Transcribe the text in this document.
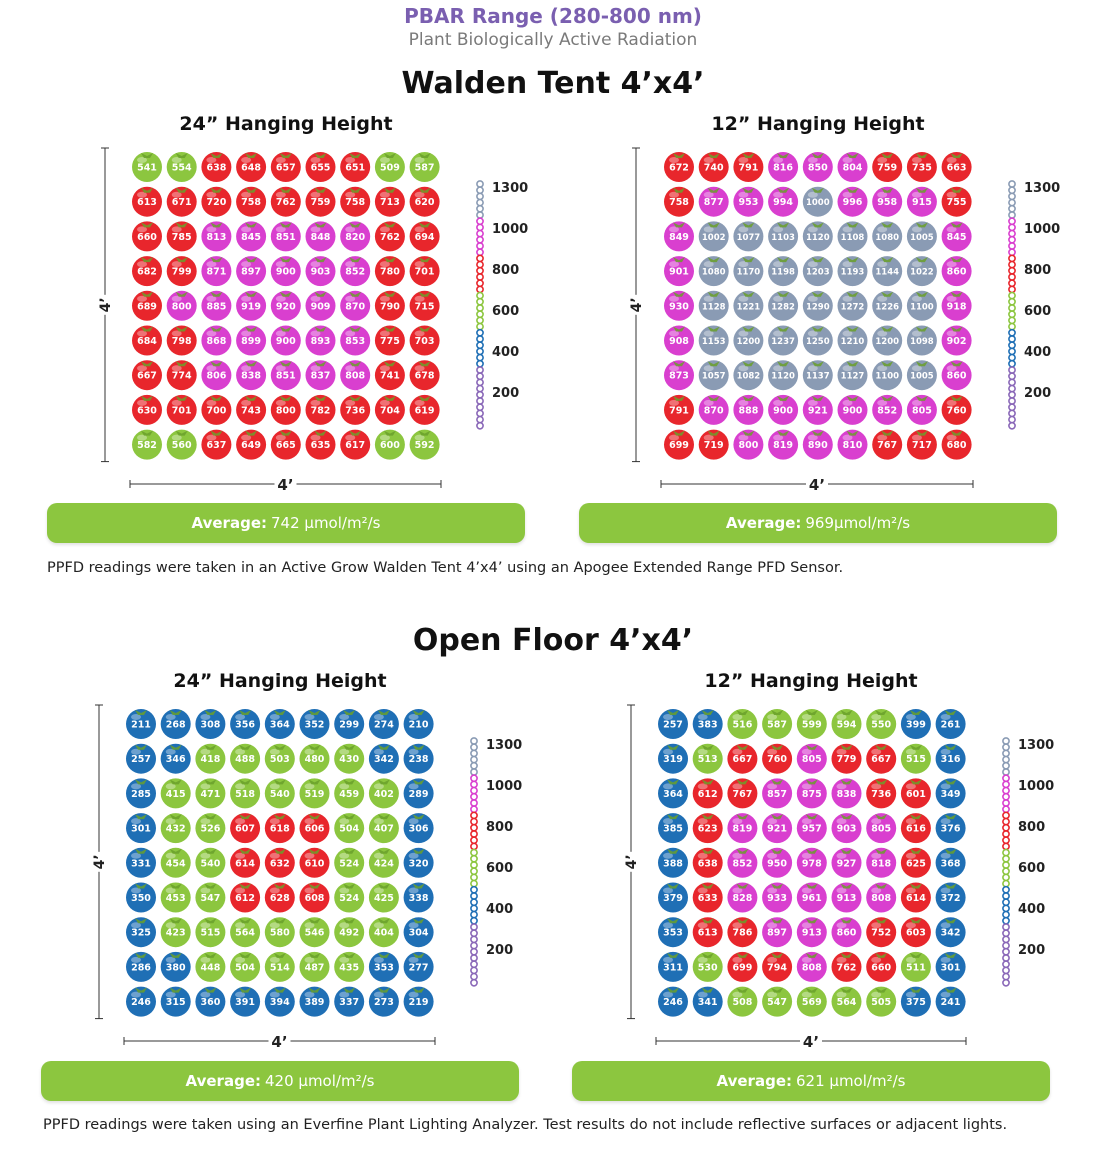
PBAR Range (280-800 nm)
Plant Biologically Active Radiation
Walden Tent 4’x4’
24” Hanging Height	12” Hanging Height
541 554 638 648 657 655 651 509 587
613 671 720 758 762 759 758 713 620
660 785 813 845 851 848 820 762 694
682 799 871 897 900 903 852 780 701
689 800 885 919 920 909 870 790 715
684 798 868 899 900 893 853 775 703
667 774 806 838 851 837 808 741 678
630 701 700 743 800 782 736 704 619
582 560 637 649 665 635 617 600 592
4’
4’
1300
1000
800
600
400
200
672 740 791 816 850 804 759 735 663
758 877 953 994 1000 996 958 915 755
849 1002 1077 1103 1120 1108 1080 1005 845
901 1080 1170 1198 1203 1193 1144 1022 860
930 1128 1221 1282 1290 1272 1226 1100 918
908 1153 1200 1237 1250 1210 1200 1098 902
873 1057 1082 1120 1137 1127 1100 1005 860
791 870 888 900 921 900 852 805 760
699 719 800 819 890 810 767 717 680
4’
4’
1300
1000
800
600
400
200
211 268 308 356 364 352 299 274 210
257 346 418 488 503 480 430 342 238
285 415 471 518 540 519 459 402 289
301 432 526 607 618 606 504 407 306
331 454 540 614 632 610 524 424 320
350 453 547 612 628 608 524 425 338
325 423 515 564 580 546 492 404 304
286 380 448 504 514 487 435 353 277
246 315 360 391 394 389 337 273 219
4’
4’
1300
1000
800
600
400
200
257 383 516 587 599 594 550 399 261
319 513 667 760 805 779 667 515 316
364 612 767 857 875 838 736 601 349
385 623 819 921 957 903 805 616 376
388 638 852 950 978 927 818 625 368
379 633 828 933 961 913 808 614 372
353 613 786 897 913 860 752 603 342
311 530 699 794 808 762 660 511 301
246 341 508 547 569 564 505 375 241
4’
4’
1300
1000
800
600
400
200
Average: 742 µmol/m²/s	Average: 969µmol/m²/s
PPFD readings were taken in an Active Grow Walden Tent 4’x4’ using an Apogee Extended Range PFD Sensor.
Open Floor 4’x4’
24” Hanging Height	12” Hanging Height
Average: 420 µmol/m²/s	Average: 621 µmol/m²/s
PPFD readings were taken using an Everfine Plant Lighting Analyzer. Test results do not include reflective surfaces or adjacent lights.
